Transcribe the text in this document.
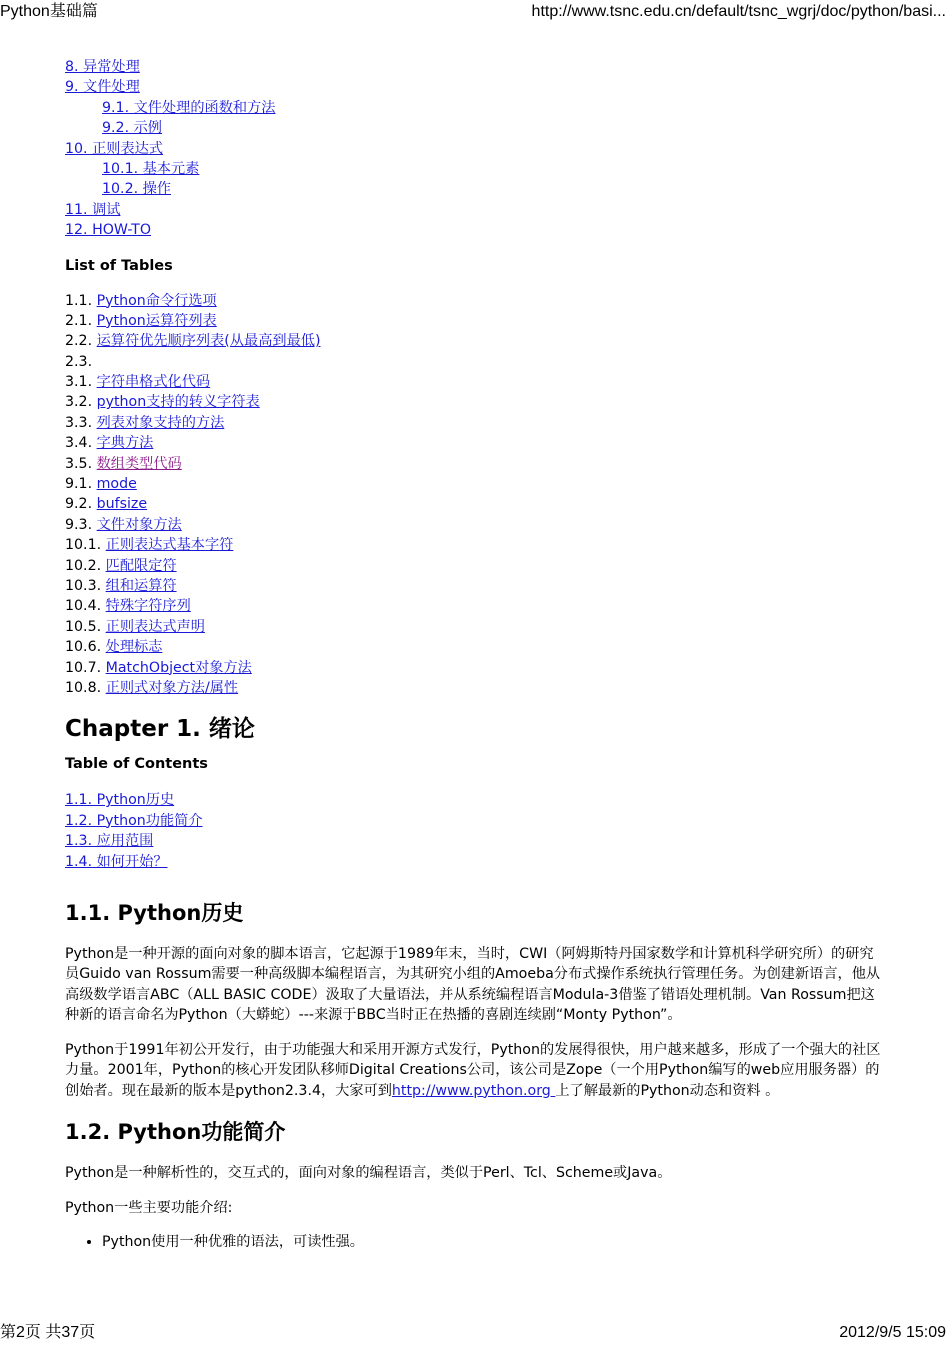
Python基础篇	http://www.tsnc.edu.cn/default/tsnc_wgrj/doc/python/basi...
8. 异常处理
9. 文件处理
9.1. 文件处理的函数和方法
9.2. 示例
10. 正则表达式
10.1. 基本元素
10.2. 操作
11. 调试
12. HOW-TO
List of Tables
1.1. Python命令行选项
2.1. Python运算符列表
2.2. 运算符优先顺序列表(从最高到最低)
2.3.
3.1. 字符串格式化代码
3.2. python支持的转义字符表
3.3. 列表对象支持的方法
3.4. 字典方法
3.5. 数组类型代码
9.1. mode
9.2. bufsize
9.3. 文件对象方法
10.1. 正则表达式基本字符
10.2. 匹配限定符
10.3. 组和运算符
10.4. 特殊字符序列
10.5. 正则表达式声明
10.6. 处理标志
10.7. MatchObject对象方法
10.8. 正则式对象方法/属性
Chapter 1. 绪论
Table of Contents
1.1. Python历史
1.2. Python功能简介
1.3. 应用范围
1.4. 如何开始？
1.1. Python历史

Python是一种开源的面向对象的脚本语言，它起源于1989年末，当时，CWI（阿姆斯特丹国家数学和计算机科学研究所）的研究员Guido van Rossum需要一种高级脚本编程语言，为其研究小组的Amoeba分布式操作系统执行管理任务。为创建新语言，他从高级数学语言ABC（ALL BASIC CODE）汲取了大量语法，并从系统编程语言Modula-3借鉴了错语处理机制。Van Rossum把这种新的语言命名为Python（大蟒蛇）---来源于BBC当时正在热播的喜剧连续剧“Monty Python”。

Python于1991年初公开发行，由于功能强大和采用开源方式发行，Python的发展得很快，用户越来越多，形成了一个强大的社区力量。2001年，Python的核心开发团队移师Digital Creations公司，该公司是Zope（一个用Python编写的web应用服务器）的创始者。现在最新的版本是python2.3.4，大家可到http://www.python.org 上了解最新的Python动态和资料 。

1.2. Python功能简介

Python是一种解析性的，交互式的，面向对象的编程语言，类似于Perl、Tcl、Scheme或Java。

Python一些主要功能介绍:

• Python使用一种优雅的语法，可读性强。
第2页 共37页	2012/9/5 15:09
